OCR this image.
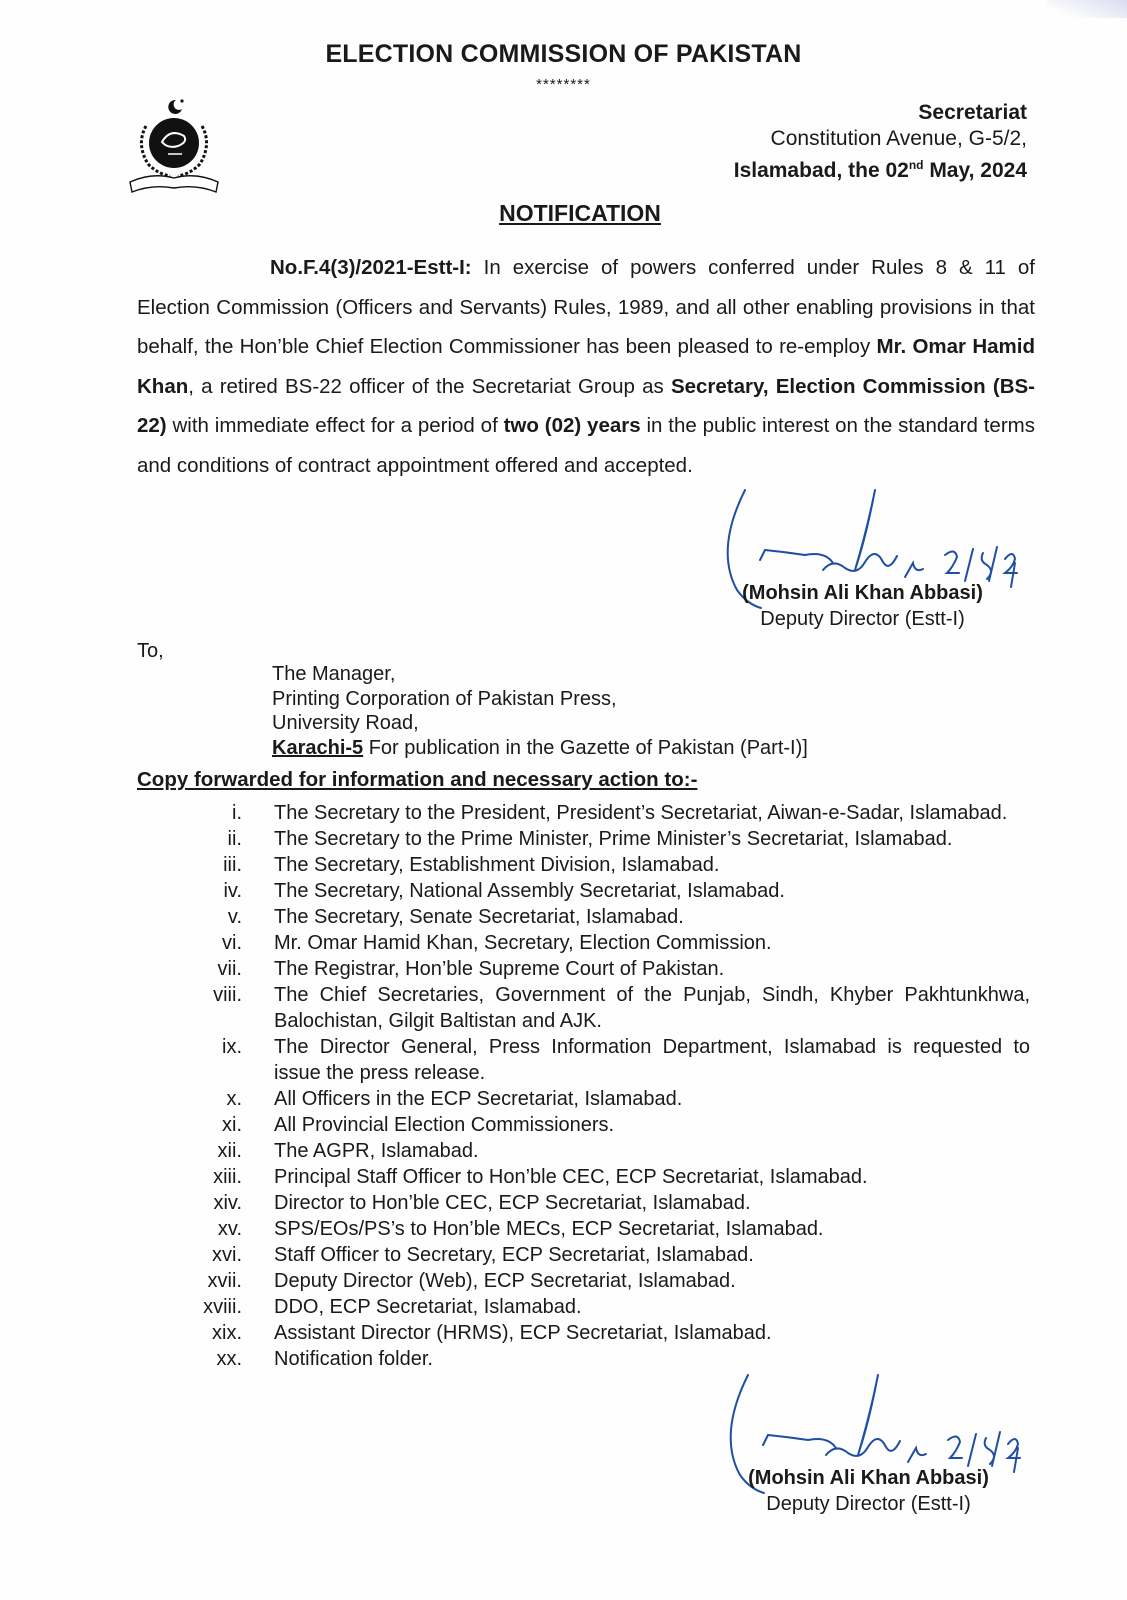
ELECTION COMMISSION OF PAKISTAN
********
Secretariat
Constitution Avenue, G-5/2,
Islamabad, the 02nd May, 2024
NOTIFICATION
No.F.4(3)/2021-Estt-I: In exercise of powers conferred under Rules 8 & 11 of Election Commission (Officers and Servants) Rules, 1989, and all other enabling provisions in that behalf, the Hon’ble Chief Election Commissioner has been pleased to re-employ Mr. Omar Hamid Khan, a retired BS-22 officer of the Secretariat Group as Secretary, Election Commission (BS-22) with immediate effect for a period of two (02) years in the public interest on the standard terms and conditions of contract appointment offered and accepted.
(Mohsin Ali Khan Abbasi)
Deputy Director (Estt-I)
To,
The Manager,
Printing Corporation of Pakistan Press,
University Road,
Karachi-5 For publication in the Gazette of Pakistan (Part-I)]
Copy forwarded for information and necessary action to:-
i.	The Secretary to the President, President’s Secretariat, Aiwan-e-Sadar, Islamabad.
ii.	The Secretary to the Prime Minister, Prime Minister’s Secretariat, Islamabad.
iii.	The Secretary, Establishment Division, Islamabad.
iv.	The Secretary, National Assembly Secretariat, Islamabad.
v.	The Secretary, Senate Secretariat, Islamabad.
vi.	Mr. Omar Hamid Khan, Secretary, Election Commission.
vii.	The Registrar, Hon’ble Supreme Court of Pakistan.
viii.	The Chief Secretaries, Government of the Punjab, Sindh, Khyber Pakhtunkhwa, Balochistan, Gilgit Baltistan and AJK.
ix.	The Director General, Press Information Department, Islamabad is requested to issue the press release.
x.	All Officers in the ECP Secretariat, Islamabad.
xi.	All Provincial Election Commissioners.
xii.	The AGPR, Islamabad.
xiii.	Principal Staff Officer to Hon’ble CEC, ECP Secretariat, Islamabad.
xiv.	Director to Hon’ble CEC, ECP Secretariat, Islamabad.
xv.	SPS/EOs/PS’s to Hon’ble MECs, ECP Secretariat, Islamabad.
xvi.	Staff Officer to Secretary, ECP Secretariat, Islamabad.
xvii.	Deputy Director (Web), ECP Secretariat, Islamabad.
xviii.	DDO, ECP Secretariat, Islamabad.
xix.	Assistant Director (HRMS), ECP Secretariat, Islamabad.
xx.	Notification folder.
(Mohsin Ali Khan Abbasi)
Deputy Director (Estt-I)
